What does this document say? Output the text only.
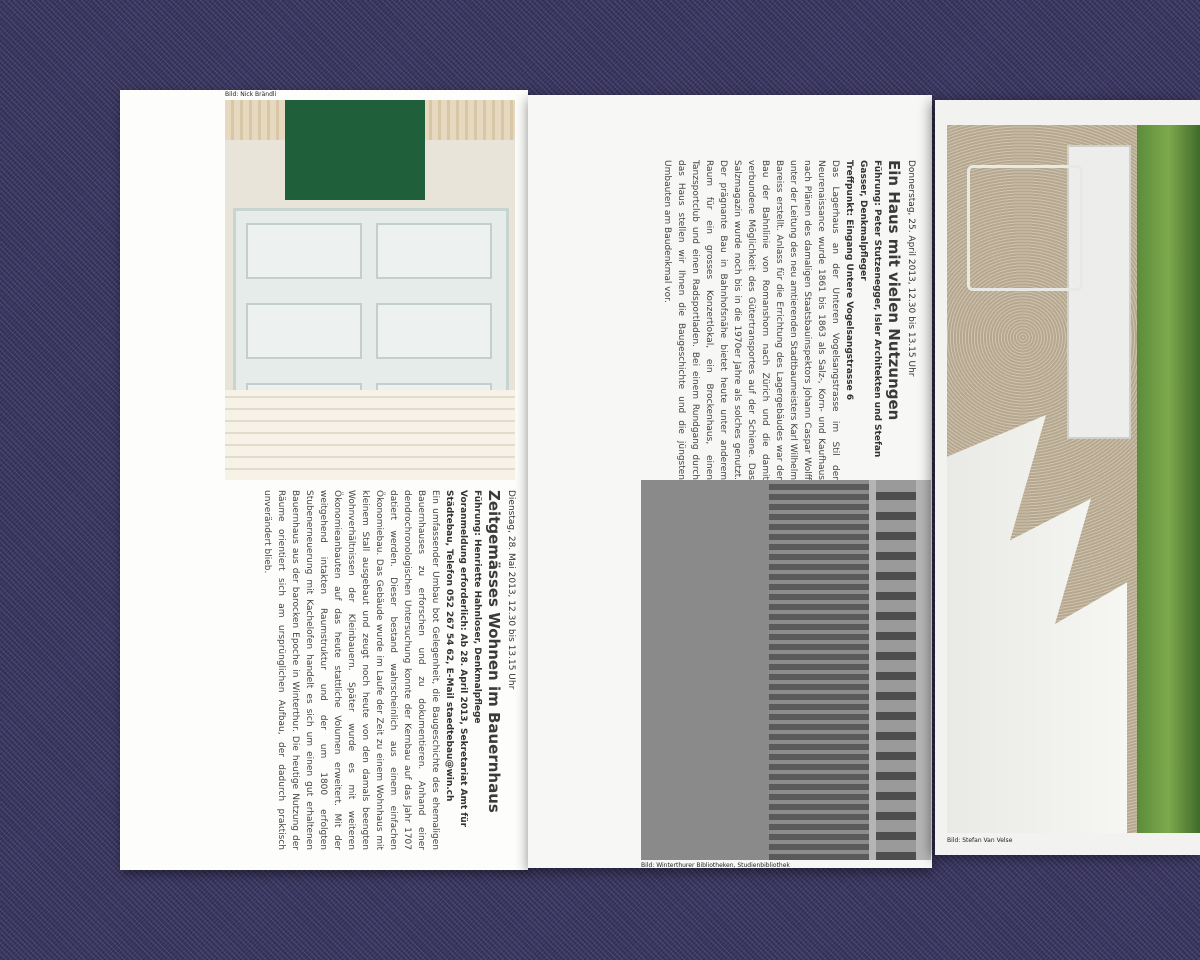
Bild: Nick Brändli

Dienstag, 28. Mai 2013, 12.30 bis 13.15 Uhr

Zeitgemässes Wohnen im Bauernhaus

Führung: Henriette Hahnloser, Denkmalpflege

Voranmeldung erforderlich: Ab 28. April 2013, Sekretariat Amt für Städtebau, Telefon 052 267 54 62, E-Mail staedtebau@win.ch

Ein umfassender Umbau bot Gelegenheit, die Baugeschichte des ehemaligen Bauernhauses zu erforschen und zu dokumentieren. Anhand einer dendrochronologischen Untersuchung konnte der Kernbau auf das Jahr 1707 datiert werden. Dieser bestand wahrscheinlich aus einem einfachen Ökonomiebau. Das Gebäude wurde im Laufe der Zeit zu einem Wohnhaus mit kleinem Stall ausgebaut und zeugt noch heute von den damals beengten Wohnverhältnissen der Kleinbauern. Später wurde es mit weiteren Ökonomieanbauten auf das heute stattliche Volumen erweitert. Mit der weitgehend intakten Raumstruktur und der um 1800 erfolgten Stubenerneuerung mit Kachelofen handelt es sich um einen gut erhaltenen Bauernhaus aus der barocken Epoche in Winterthur. Die heutige Nutzung der Räume orientiert sich am ursprünglichen Aufbau, der dadurch praktisch unverändert blieb.

Donnerstag, 25. April 2013, 12.30 bis 13.15 Uhr

Ein Haus mit vielen Nutzungen

Führung: Peter Stutzenegger, Isler Architekten und Stefan Gasser, Denkmalpfleger

Treffpunkt: Eingang Untere Vogelsangstrasse 6

Das Lagerhaus an der Unteren Vogelsangstrasse im Stil der Neurenaissance wurde 1861 bis 1863 als Salz-, Korn- und Kaufhaus nach Plänen des damaligen Staatsbauinspektors Johann Caspar Wolff unter der Leitung des neu amtierenden Stadtbaumeisters Karl Wilhelm Bareiss erstellt. Anlass für die Errichtung des Lagergebäudes war der Bau der Bahnlinie von Romanshorn nach Zürich und die damit verbundene Möglichkeit des Gütertransportes auf der Schiene. Das Salzmagazin wurde noch bis in die 1970er Jahre als solches genutzt. Der prägnante Bau in Bahnhofsnähe bietet heute unter anderem Raum für ein grosses Konzertlokal, ein Brockenhaus, einen Tanzsportclub und einen Radsportladen. Bei einem Rundgang durch das Haus stellen wir Ihnen die Baugeschichte und die jüngsten Umbauten am Baudenkmal vor.

Bild: Winterthurer Bibliotheken, Studienbibliothek
Bild: Stefan Van Velse
